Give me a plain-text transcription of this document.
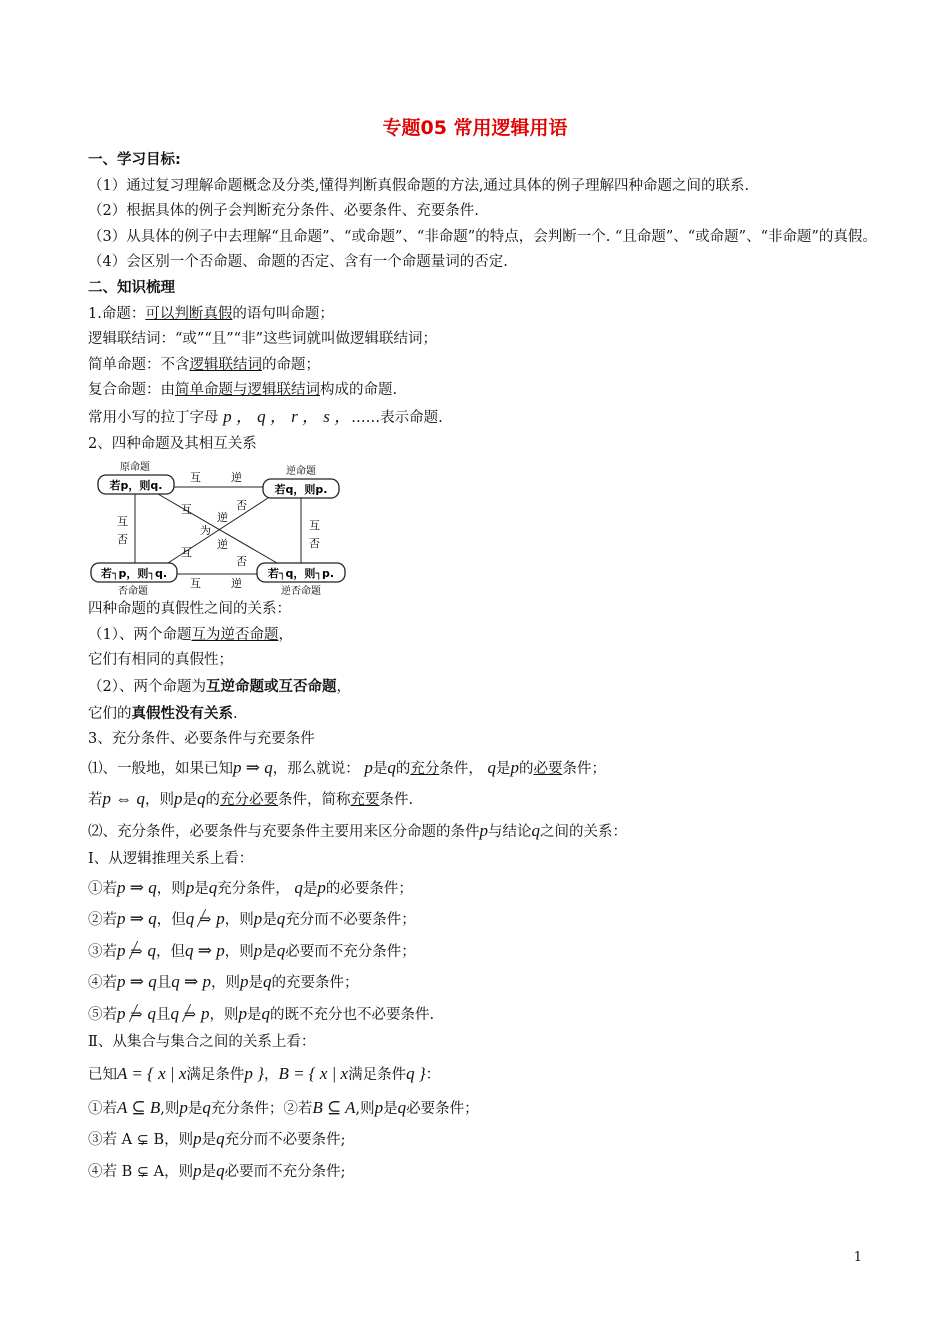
专题05 常用逻辑用语

一、学习目标:

（1）通过复习理解命题概念及分类,懂得判断真假命题的方法,通过具体的例子理解四种命题之间的联系.

（2）根据具体的例子会判断充分条件、必要条件、充要条件.

（3）从具体的例子中去理解“且命题”、“或命题”、“非命题”的特点，会判断一个. “且命题”、“或命题”、“非命题”的真假。

（4）会区别一个否命题、命题的否定、含有一个命题量词的否定.

二、知识梳理

1.命题：可以判断真假的语句叫命题；

逻辑联结词：“或”“且”“非”这些词就叫做逻辑联结词；

简单命题：不含逻辑联结词的命题；

复合命题：由简单命题与逻辑联结词构成的命题.

常用小写的拉丁字母 p ， q ， r ， s ，……表示命题.

2、四种命题及其相互关系

原命题
若p，则q.
逆命题
若q，则p.
若┐p，则┐q.
否命题
若┐q，则┐p.
逆否命题
互	逆
互	逆
互
否
互
否
互	否
逆
为
逆
互
否

四种命题的真假性之间的关系：

（1）、两个命题互为逆否命题，

它们有相同的真假性；

（2）、两个命题为互逆命题或互否命题，

它们的真假性没有关系.

3、充分条件、必要条件与充要条件

⑴、一般地，如果已知p ⇒ q，那么就说： p是q的充分条件， q是p的必要条件；

若p ⇔ q，则p是q的充分必要条件，简称充要条件.

⑵、充分条件，必要条件与充要条件主要用来区分命题的条件p与结论q之间的关系：

Ⅰ、从逻辑推理关系上看：

①若p ⇒ q，则p是q充分条件， q是p的必要条件；

②若p ⇒ q，但q ⇒ p，则p是q充分而不必要条件；

③若p ⇒ q，但q ⇒ p，则p是q必要而不充分条件；

④若p ⇒ q且q ⇒ p，则p是q的充要条件；

⑤若p ⇒ q且q ⇒ p，则p是q的既不充分也不必要条件.

Ⅱ、从集合与集合之间的关系上看：

已知A = { x | x满足条件p }，B = { x | x满足条件q }：

①若A ⊆ B,则p是q充分条件；②若B ⊆ A,则p是q必要条件；

③若 A ⊊ B，则p是q充分而不必要条件;

④若 B ⊊ A，则p是q必要而不充分条件;

1
